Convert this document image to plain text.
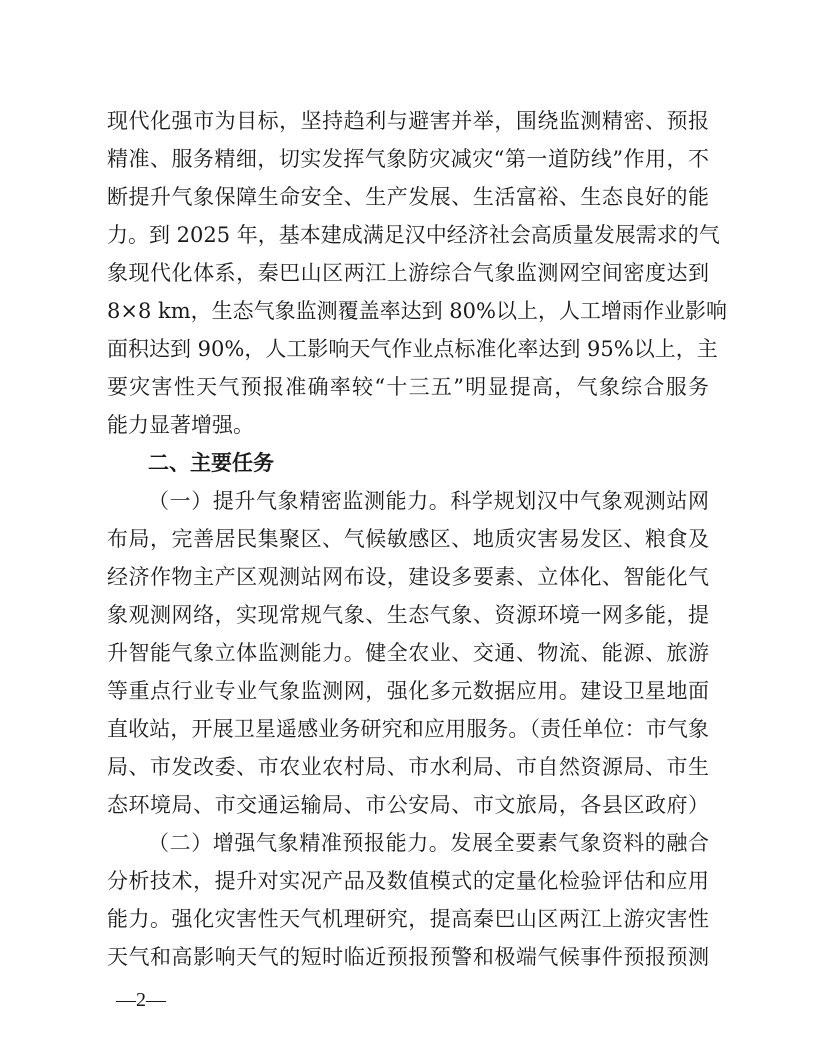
现代化强市为目标，坚持趋利与避害并举，围绕监测精密、预报
精准、服务精细，切实发挥气象防灾减灾“第一道防线”作用，不
断提升气象保障生命安全、生产发展、生活富裕、生态良好的能
力。到 2025 年，基本建成满足汉中经济社会高质量发展需求的气
象现代化体系，秦巴山区两江上游综合气象监测网空间密度达到
8×8 km，生态气象监测覆盖率达到 80%以上，人工增雨作业影响
面积达到 90%，人工影响天气作业点标准化率达到 95%以上，主
要灾害性天气预报准确率较“十三五”明显提高，气象综合服务
能力显著增强。
二、主要任务
（一）提升气象精密监测能力。科学规划汉中气象观测站网
布局，完善居民集聚区、气候敏感区、地质灾害易发区、粮食及
经济作物主产区观测站网布设，建设多要素、立体化、智能化气
象观测网络，实现常规气象、生态气象、资源环境一网多能，提
升智能气象立体监测能力。健全农业、交通、物流、能源、旅游
等重点行业专业气象监测网，强化多元数据应用。建设卫星地面
直收站，开展卫星遥感业务研究和应用服务。（责任单位：市气象
局、市发改委、市农业农村局、市水利局、市自然资源局、市生
态环境局、市交通运输局、市公安局、市文旅局，各县区政府）
（二）增强气象精准预报能力。发展全要素气象资料的融合
分析技术，提升对实况产品及数值模式的定量化检验评估和应用
能力。强化灾害性天气机理研究，提高秦巴山区两江上游灾害性
天气和高影响天气的短时临近预报预警和极端气候事件预报预测
—2—
